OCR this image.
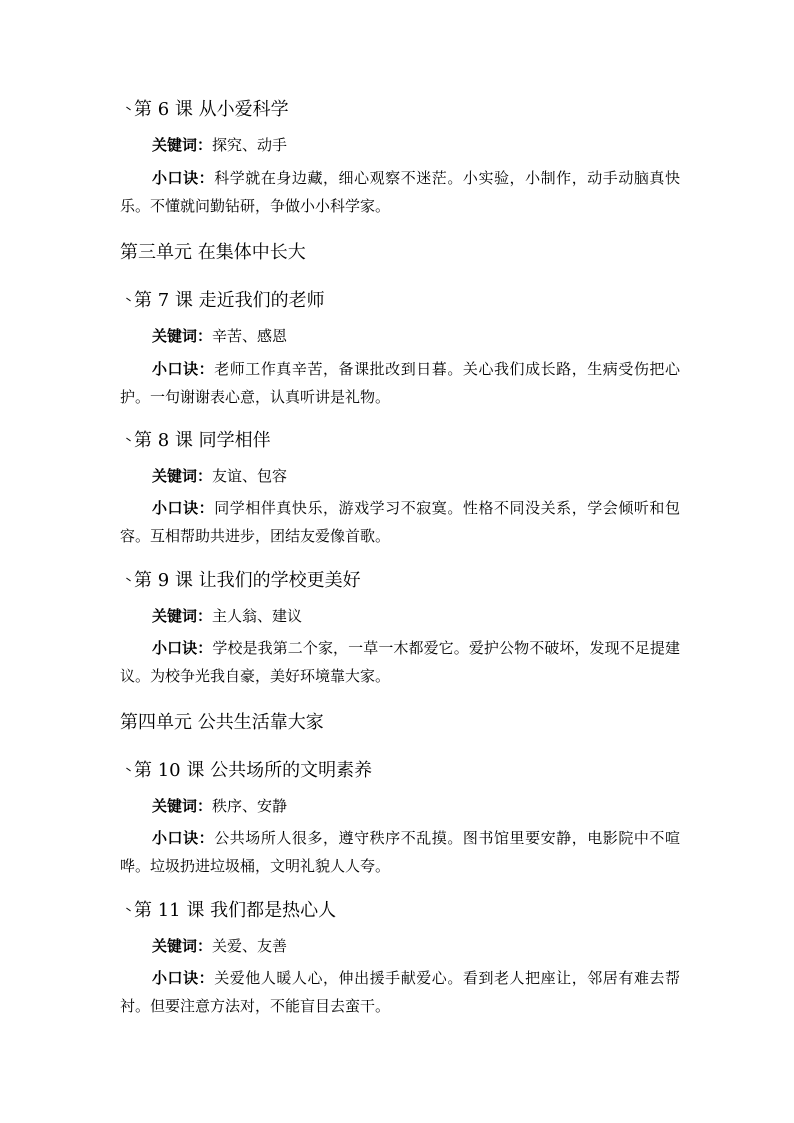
第 6 课 从小爱科学
关键词：探究、动手
小口诀：科学就在身边藏，细心观察不迷茫。小实验，小制作，动手动脑真快乐。不懂就问勤钻研，争做小小科学家。
第三单元 在集体中长大
第 7 课 走近我们的老师
关键词：辛苦、感恩
小口诀：老师工作真辛苦，备课批改到日暮。关心我们成长路，生病受伤把心护。一句谢谢表心意，认真听讲是礼物。
第 8 课 同学相伴
关键词：友谊、包容
小口诀：同学相伴真快乐，游戏学习不寂寞。性格不同没关系，学会倾听和包容。互相帮助共进步，团结友爱像首歌。
第 9 课 让我们的学校更美好
关键词：主人翁、建议
小口诀：学校是我第二个家，一草一木都爱它。爱护公物不破坏，发现不足提建议。为校争光我自豪，美好环境靠大家。
第四单元 公共生活靠大家
第 10 课 公共场所的文明素养
关键词：秩序、安静
小口诀：公共场所人很多，遵守秩序不乱摸。图书馆里要安静，电影院中不喧哗。垃圾扔进垃圾桶，文明礼貌人人夸。
第 11 课 我们都是热心人
关键词：关爱、友善
小口诀：关爱他人暖人心，伸出援手献爱心。看到老人把座让，邻居有难去帮衬。但要注意方法对，不能盲目去蛮干。
